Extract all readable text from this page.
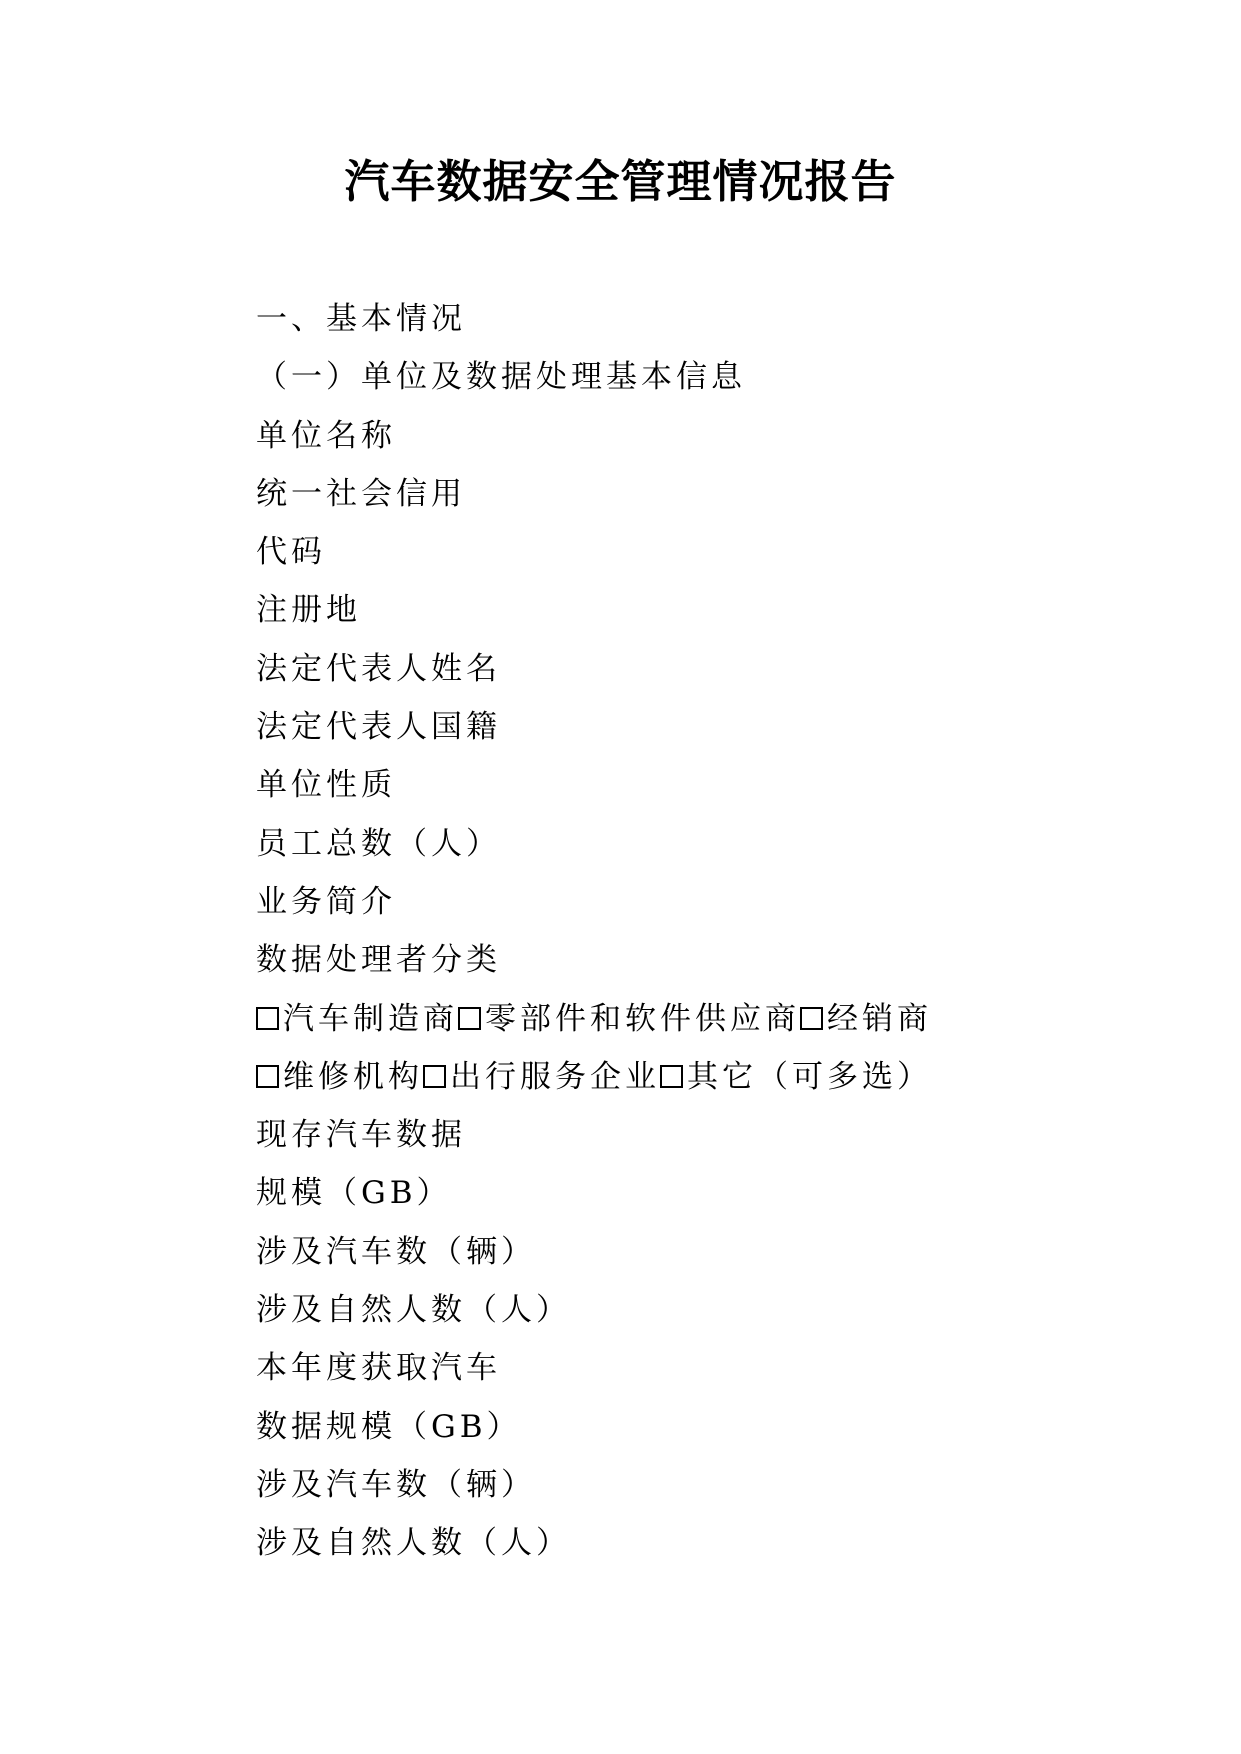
汽车数据安全管理情况报告
一、基本情况
（一）单位及数据处理基本信息
单位名称
统一社会信用
代码
注册地
法定代表人姓名
法定代表人国籍
单位性质
员工总数（人）
业务简介
数据处理者分类
汽车制造商 零部件和软件供应商 经销商
维修机构 出行服务企业 其它（可多选）
现存汽车数据
规模（GB）
涉及汽车数（辆）
涉及自然人数（人）
本年度获取汽车
数据规模（GB）
涉及汽车数（辆）
涉及自然人数（人）
